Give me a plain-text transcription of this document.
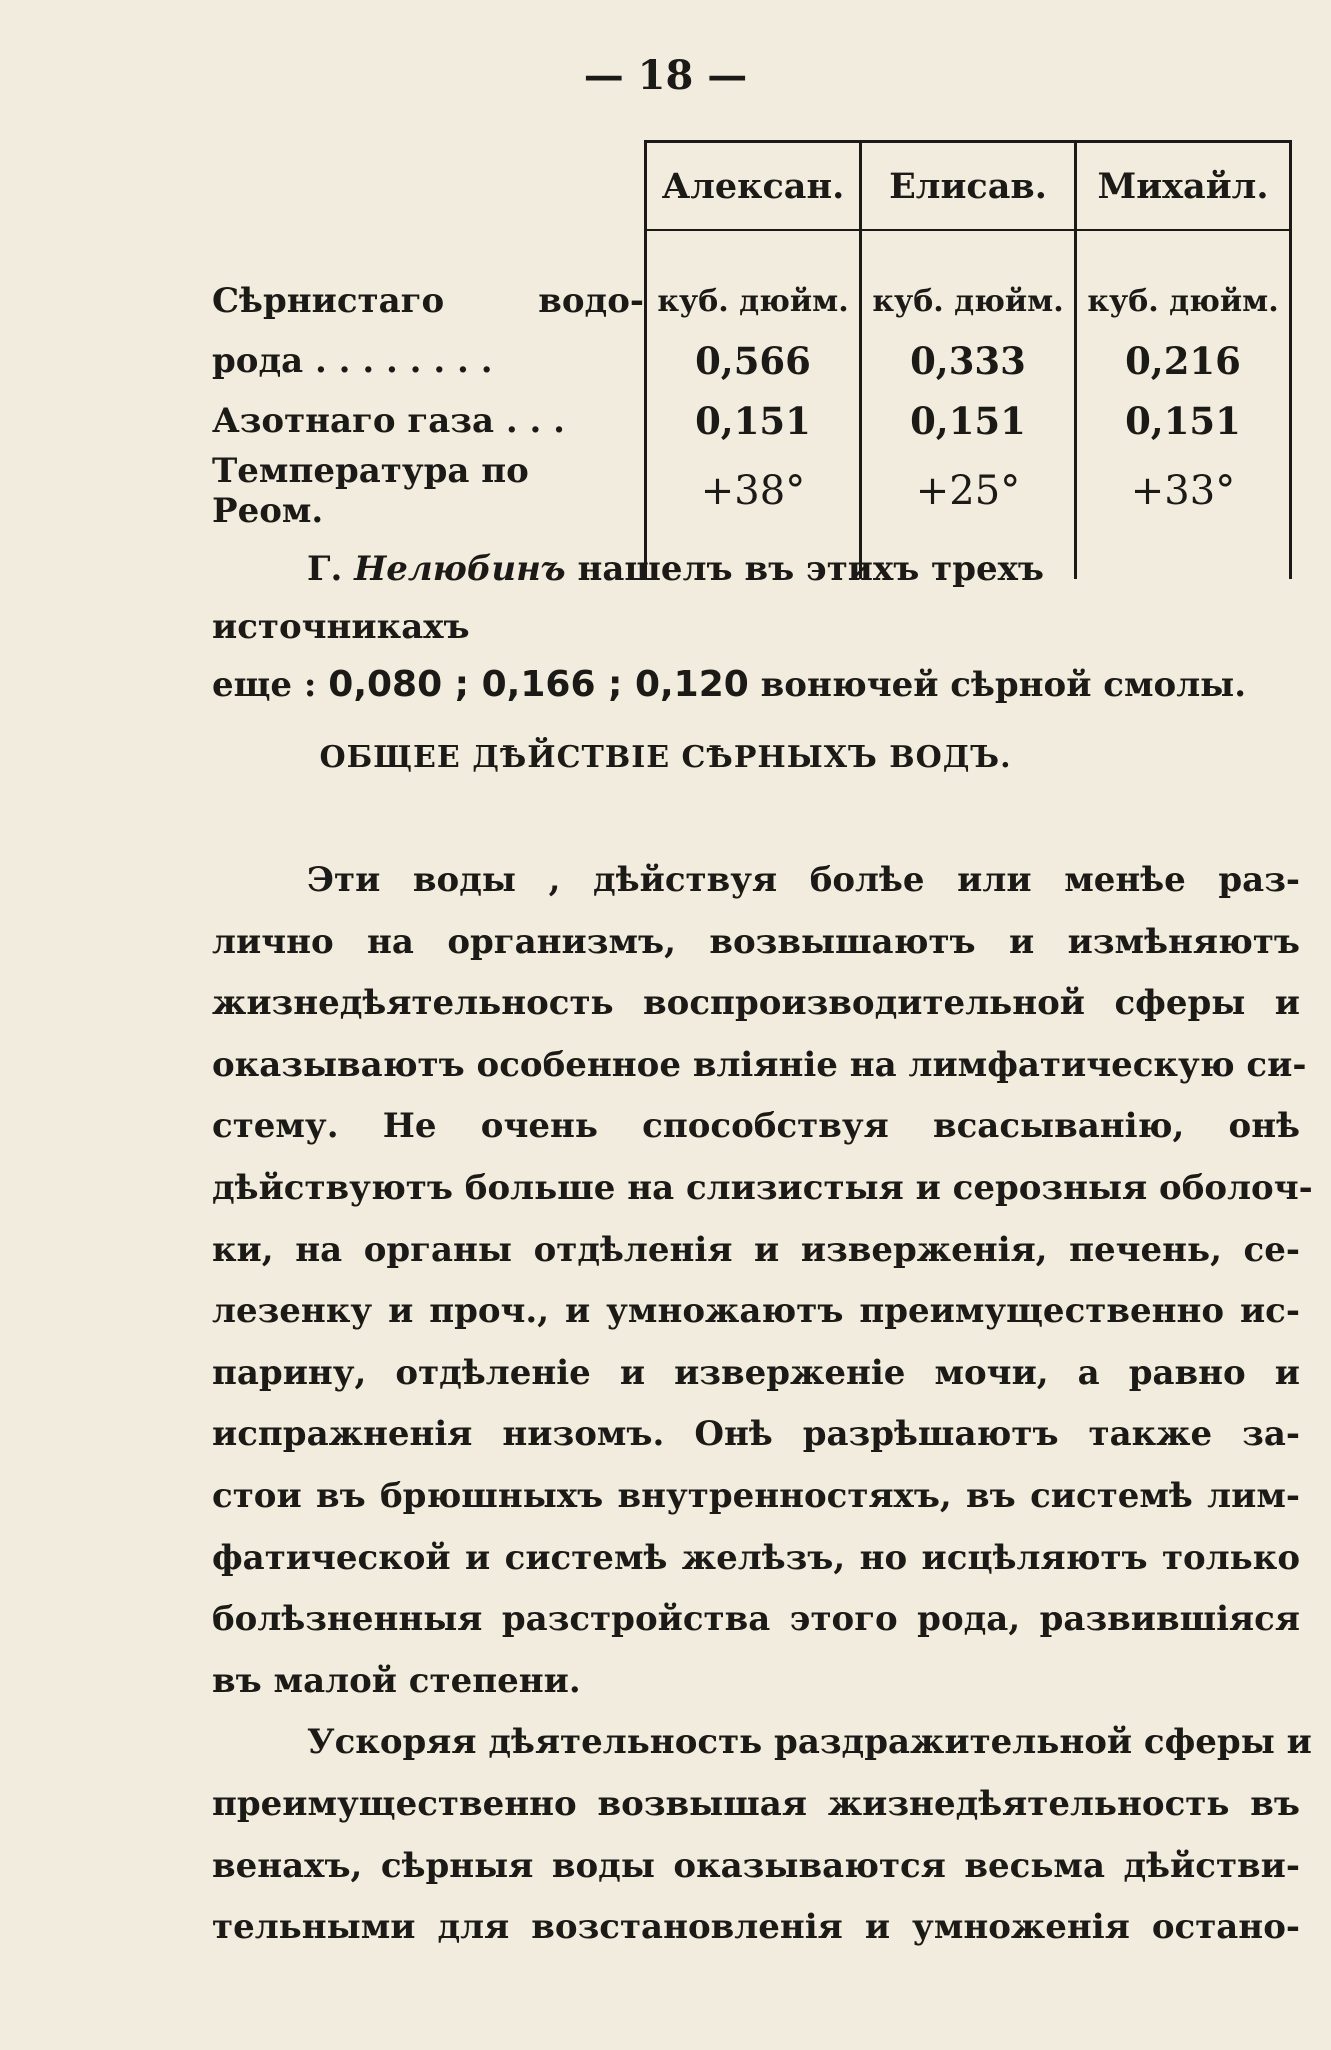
— 18 —
	Алексан.	Елисав.	Михайл.

Сѣрнистаго водо-	куб. дюйм.	куб. дюйм.	куб. дюйм.
рода . . . . . . . .	0,566	0,333	0,216
Азотнаго газа . . .	0,151	0,151	0,151
Температура по Реом.	+38°	+25°	+33°

Г. Нелюбинъ нашелъ въ этихъ трехъ источникахъ

еще : 0,080 ; 0,166 ; 0,120 вонючей сѣрной смолы.

ОБЩЕЕ ДѢЙСТВІЕ СѢРНЫХЪ ВОДЪ.
Эти воды , дѣйствуя болѣе или менѣе раз-
лично на организмъ, возвышаютъ и измѣняютъ
жизнедѣятельность воспроизводительной сферы и
оказываютъ особенное вліяніе на лимфатическую си-
стему. Не очень способствуя всасыванію, онѣ
дѣйствуютъ больше на слизистыя и серозныя оболоч-
ки, на органы отдѣленія и изверженія, печень, се-
лезенку и проч., и умножаютъ преимущественно ис-
парину, отдѣленіе и изверженіе мочи, а равно и
испражненія низомъ. Онѣ разрѣшаютъ также за-
стои въ брюшныхъ внутренностяхъ, въ системѣ лим-
фатической и системѣ желѣзъ, но исцѣляютъ только
болѣзненныя разстройства этого рода, развившіяся
въ малой степени.
Ускоряя дѣятельность раздражительной сферы и
преимущественно возвышая жизнедѣятельность въ
венахъ, сѣрныя воды оказываются весьма дѣйстви-
тельными для возстановленія и умноженія остано-
